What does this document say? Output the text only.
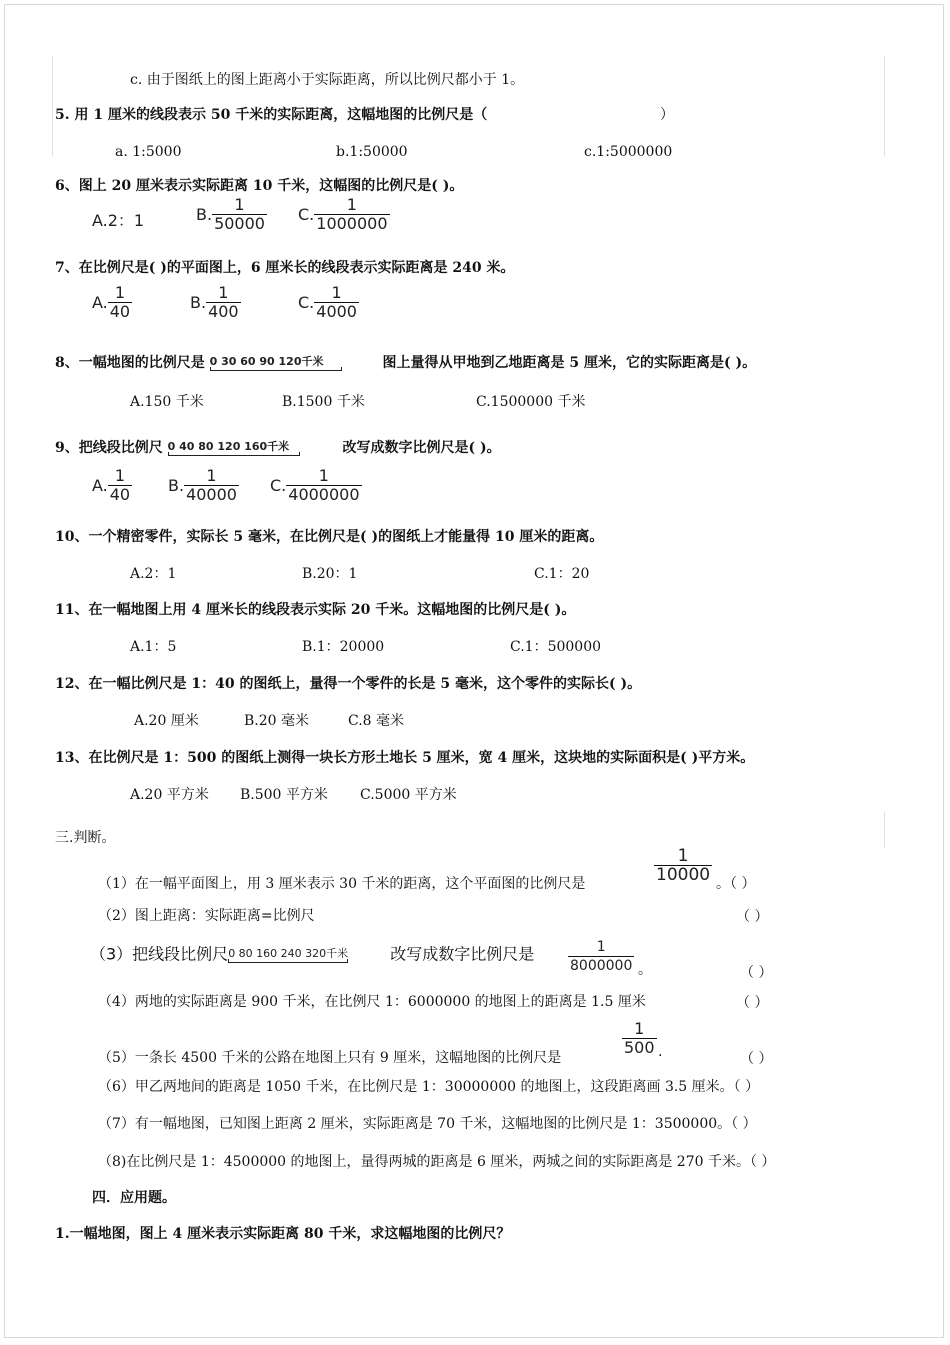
c. 由于图纸上的图上距离小于实际距离，所以比例尺都小于 1。
5. 用 1 厘米的线段表示 50 千米的实际距离，这幅地图的比例尺是（	）
a. 1:5000	b.1:50000	c.1:5000000
6、图上 20 厘米表示实际距离 10 千米，这幅图的比例尺是( )。
A.2：1	B. $\frac{1}{50000} C$. $\frac{1}{1000000}$
7、在比例尺是( )的平面图上，6 厘米长的线段表示实际距离是 240 米。
A. $\frac{1}{40}$	B. $\frac{1}{400}$	C. $\frac{1}{4000}$
8、一幅地图的比例尺是 0 30 60 90 120千米	图上量得从甲地到乙地距离是 5 厘米，它的实际距离是( )。
A.150 千米	B.1500 千米	C.1500000 千米
9、把线段比例尺 0 40 80 120 160千米	改写成数字比例尺是( )。
A. $\frac{1}{40} B$. $\frac{1}{40000} C$. $\frac{1}{4000000}$
10、一个精密零件，实际长 5 毫米，在比例尺是( )的图纸上才能量得 10 厘米的距离。
A.2：1	B.20：1	C.1：20
11、在一幅地图上用 4 厘米长的线段表示实际 20 千米。这幅地图的比例尺是( )。
A.1：5	B.1：20000	C.1：500000
12、在一幅比例尺是 1：40 的图纸上，量得一个零件的长是 5 毫米，这个零件的实际长( )。
A.20 厘米	B.20 毫米	C.8 毫米
13、在比例尺是 1：500 的图纸上测得一块长方形土地长 5 厘米，宽 4 厘米，这块地的实际面积是( )平方米。
A.20 平方米 B.500 平方米 C.5000 平方米
三.判断。
（1）在一幅平面图上，用 3 厘米表示 30 千米的距离，这个平面图的比例尺是	$\frac{1}{10000}$ 。（ ）
（2）图上距离：实际距离=比例尺	（ ）
（3）把线段比例尺 0 80 160 240 320千米	改写成数字比例尺是 $\frac{1}{8000000}$ 。	（ ）
（4）两地的实际距离是 900 千米，在比例尺 1：6000000 的地图上的距离是 1.5 厘米	（ ）
（5）一条长 4500 千米的公路在地图上只有 9 厘米，这幅地图的比例尺是
$\frac{1}{500}$ .	（ ）
（6）甲乙两地间的距离是 1050 千米，在比例尺是 1：30000000 的地图上，这段距离画 3.5 厘米。（ ）
（7）有一幅地图，已知图上距离 2 厘米，实际距离是 70 千米，这幅地图的比例尺是 1：3500000。（ ）
（8)在比例尺是 1：4500000 的地图上，量得两城的距离是 6 厘米，两城之间的实际距离是 270 千米。（ ）
四．应用题。
1.一幅地图，图上 4 厘米表示实际距离 80 千米，求这幅地图的比例尺？
